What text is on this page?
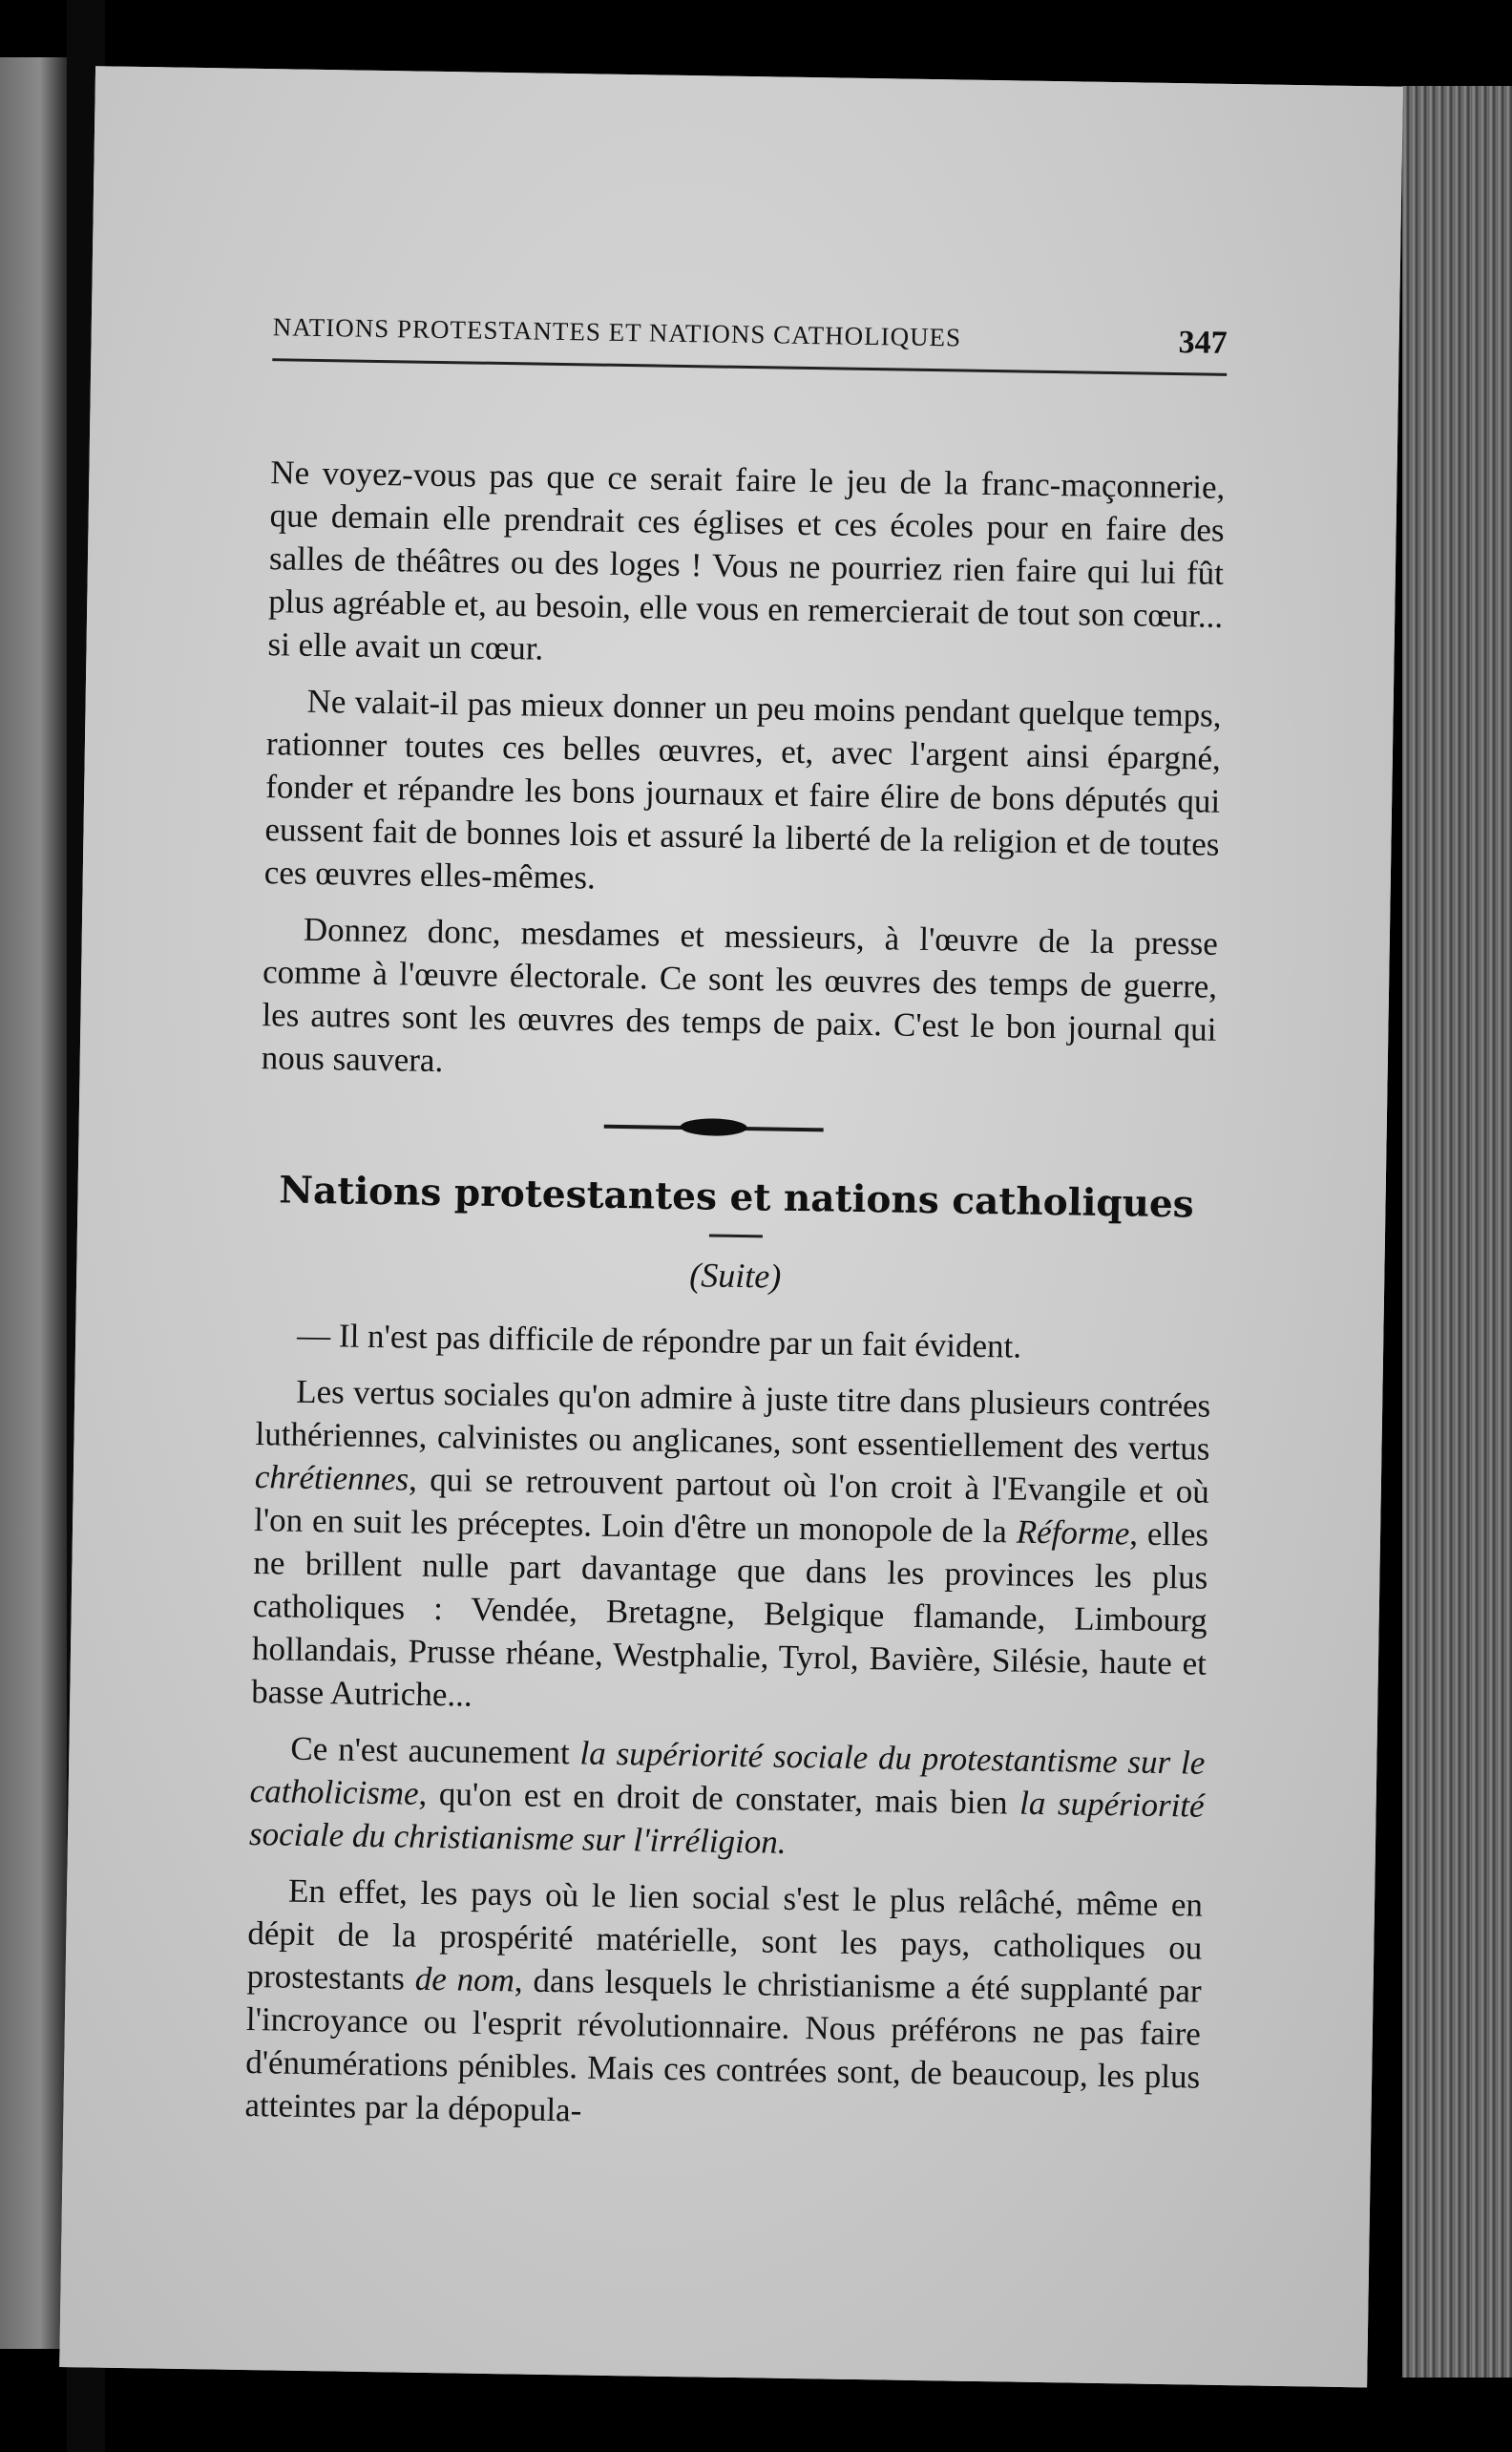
NATIONS PROTESTANTES ET NATIONS CATHOLIQUES	347

Ne voyez-vous pas que ce serait faire le jeu de la franc-maçonnerie, que demain elle prendrait ces églises et ces écoles pour en faire des salles de théâtres ou des loges ! Vous ne pourriez rien faire qui lui fût plus agréable et, au besoin, elle vous en remercierait de tout son cœur... si elle avait un cœur.

Ne valait-il pas mieux donner un peu moins pendant quelque temps, rationner toutes ces belles œuvres, et, avec l'argent ainsi épargné, fonder et répandre les bons journaux et faire élire de bons députés qui eussent fait de bonnes lois et assuré la liberté de la religion et de toutes ces œuvres elles-mêmes.

Donnez donc, mesdames et messieurs, à l'œuvre de la presse comme à l'œuvre électorale. Ce sont les œuvres des temps de guerre, les autres sont les œuvres des temps de paix. C'est le bon journal qui nous sauvera.

Nations protestantes et nations catholiques
(Suite)

— Il n'est pas difficile de répondre par un fait évident.

Les vertus sociales qu'on admire à juste titre dans plusieurs contrées luthériennes, calvinistes ou anglicanes, sont essentiellement des vertus chrétiennes, qui se retrouvent partout où l'on croit à l'Evangile et où l'on en suit les préceptes. Loin d'être un monopole de la Réforme, elles ne brillent nulle part davantage que dans les provinces les plus catholiques : Vendée, Bretagne, Belgique flamande, Limbourg hollandais, Prusse rhéane, Westphalie, Tyrol, Bavière, Silésie, haute et basse Autriche...

Ce n'est aucunement la supériorité sociale du protestantisme sur le catholicisme, qu'on est en droit de constater, mais bien la supériorité sociale du christianisme sur l'irréligion.

En effet, les pays où le lien social s'est le plus relâché, même en dépit de la prospérité matérielle, sont les pays, catholiques ou prostestants de nom, dans lesquels le christianisme a été supplanté par l'incroyance ou l'esprit révolutionnaire. Nous préférons ne pas faire d'énumérations pénibles. Mais ces contrées sont, de beaucoup, les plus atteintes par la dépopula-
